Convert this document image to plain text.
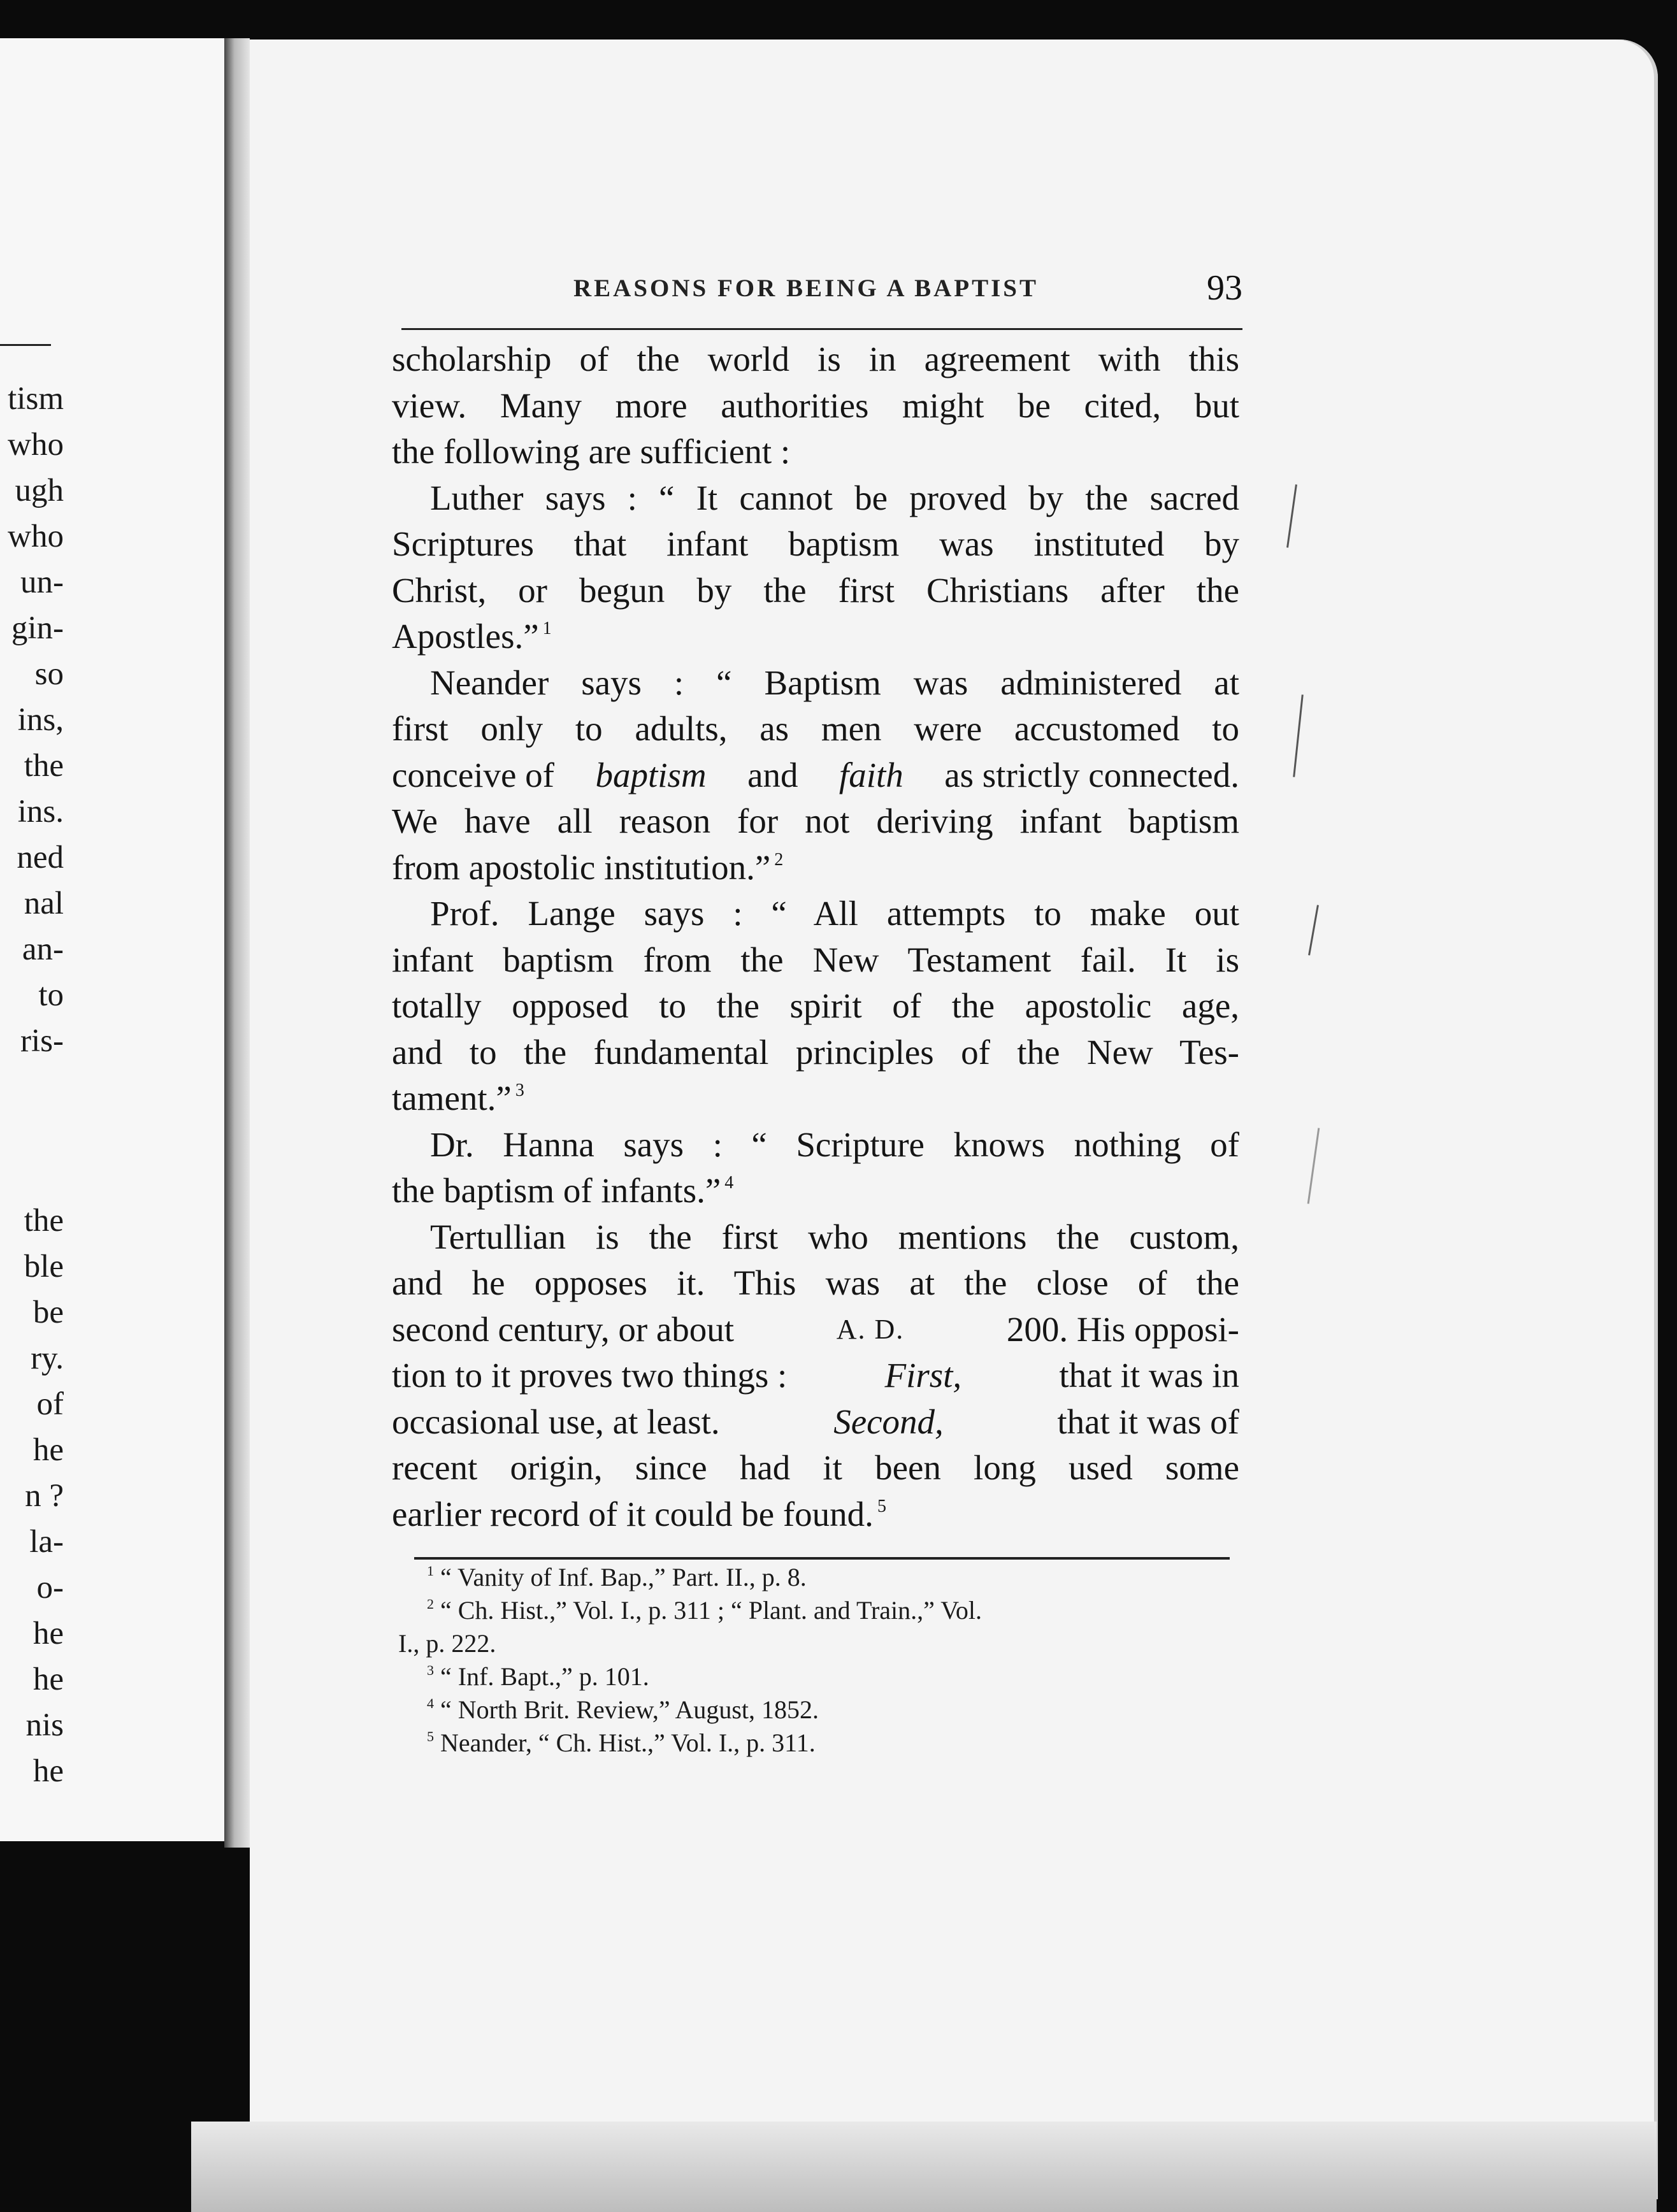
tism
who
ugh
who
un-
gin-
so
ins,
the
ins.
ned
nal
an-
to
ris-
the
ble
be
ry.
of
he
n ?
la-
o-
he
he
nis
he
REASONS FOR BEING A BAPTIST	93
scholarship of the world is in agreement with this
view. Many more authorities might be cited, but
the following are sufficient :
Luther says : “ It cannot be proved by the sacred
Scriptures that infant baptism was instituted by
Christ, or begun by the first Christians after the
Apostles.” $^1$
Neander says : “ Baptism was administered at
first only to adults, as men were accustomed to
conceive of baptism and faith as strictly connected.
We have all reason for not deriving infant baptism
from apostolic institution.” $^2$
Prof. Lange says : “ All attempts to make out
infant baptism from the New Testament fail. It is
totally opposed to the spirit of the apostolic age,
and to the fundamental principles of the New Tes-
tament.” $^3$
Dr. Hanna says : “ Scripture knows nothing of
the baptism of infants.” $^4$
Tertullian is the first who mentions the custom,
and he opposes it. This was at the close of the
second century, or about	A. D.	200. His opposi-
tion to it proves two things :	First,	that it was in
occasional use, at least.	Second,	that it was of
recent origin, since had it been long used some
earlier record of it could be found. $^5$
$^1$ “ Vanity of Inf. Bap.,” Part. II., p. 8.
$^2$ “ Ch. Hist.,” Vol. I., p. 311 ; “ Plant. and Train.,” Vol.
I., p. 222.
$^3$ “ Inf. Bapt.,” p. 101.
$^4$ “ North Brit. Review,” August, 1852.
$^5$ Neander, “ Ch. Hist.,” Vol. I., p. 311.
